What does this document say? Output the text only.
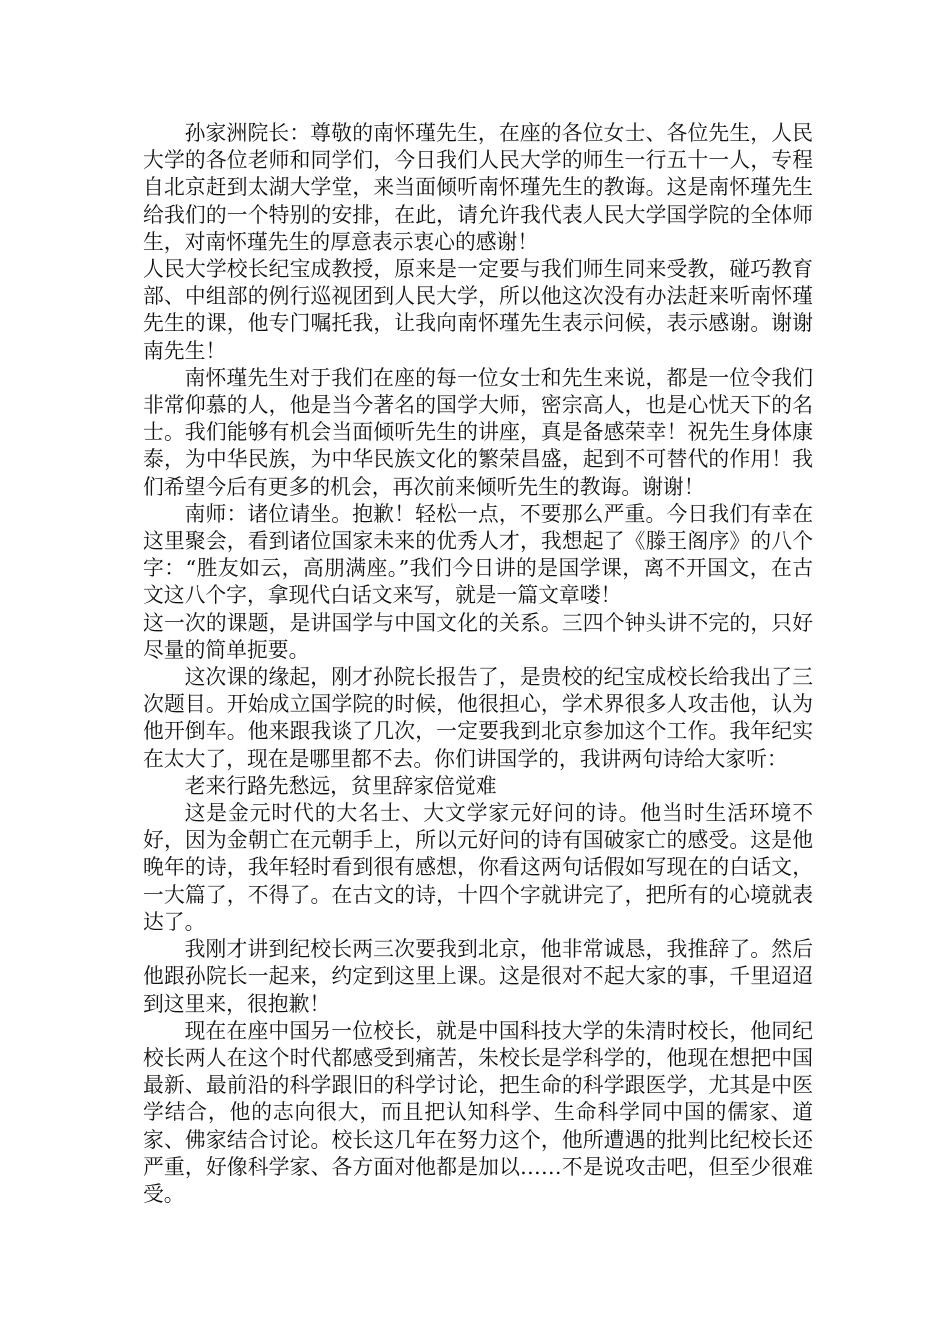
孙家洲院长：尊敬的南怀瑾先生，在座的各位女士、各位先生，人民大学的各位老师和同学们，今日我们人民大学的师生一行五十一人，专程自北京赶到太湖大学堂，来当面倾听南怀瑾先生的教诲。这是南怀瑾先生给我们的一个特别的安排，在此，请允许我代表人民大学国学院的全体师生，对南怀瑾先生的厚意表示衷心的感谢！

人民大学校长纪宝成教授，原来是一定要与我们师生同来受教，碰巧教育部、中组部的例行巡视团到人民大学，所以他这次没有办法赶来听南怀瑾先生的课，他专门嘱托我，让我向南怀瑾先生表示问候，表示感谢。谢谢南先生！

南怀瑾先生对于我们在座的每一位女士和先生来说，都是一位令我们非常仰慕的人，他是当今著名的国学大师，密宗高人，也是心忧天下的名士。我们能够有机会当面倾听先生的讲座，真是备感荣幸！祝先生身体康泰，为中华民族，为中华民族文化的繁荣昌盛，起到不可替代的作用！我们希望今后有更多的机会，再次前来倾听先生的教诲。谢谢！

南师：诸位请坐。抱歉！轻松一点，不要那么严重。今日我们有幸在这里聚会，看到诸位国家未来的优秀人才，我想起了《滕王阁序》的八个字：“胜友如云，高朋满座。”我们今日讲的是国学课，离不开国文，在古文这八个字，拿现代白话文来写，就是一篇文章喽！

这一次的课题，是讲国学与中国文化的关系。三四个钟头讲不完的，只好尽量的简单扼要。

这次课的缘起，刚才孙院长报告了，是贵校的纪宝成校长给我出了三次题目。开始成立国学院的时候，他很担心，学术界很多人攻击他，认为他开倒车。他来跟我谈了几次，一定要我到北京参加这个工作。我年纪实在太大了，现在是哪里都不去。你们讲国学的，我讲两句诗给大家听：

老来行路先愁远，贫里辞家倍觉难

这是金元时代的大名士、大文学家元好问的诗。他当时生活环境不好，因为金朝亡在元朝手上，所以元好问的诗有国破家亡的感受。这是他晚年的诗，我年轻时看到很有感想，你看这两句话假如写现在的白话文，一大篇了，不得了。在古文的诗，十四个字就讲完了，把所有的心境就表达了。

我刚才讲到纪校长两三次要我到北京，他非常诚恳，我推辞了。然后他跟孙院长一起来，约定到这里上课。这是很对不起大家的事，千里迢迢到这里来，很抱歉！

现在在座中国另一位校长，就是中国科技大学的朱清时校长，他同纪校长两人在这个时代都感受到痛苦，朱校长是学科学的，他现在想把中国最新、最前沿的科学跟旧的科学讨论，把生命的科学跟医学，尤其是中医学结合，他的志向很大，而且把认知科学、生命科学同中国的儒家、道家、佛家结合讨论。校长这几年在努力这个，他所遭遇的批判比纪校长还严重，好像科学家、各方面对他都是加以……不是说攻击吧，但至少很难受。
